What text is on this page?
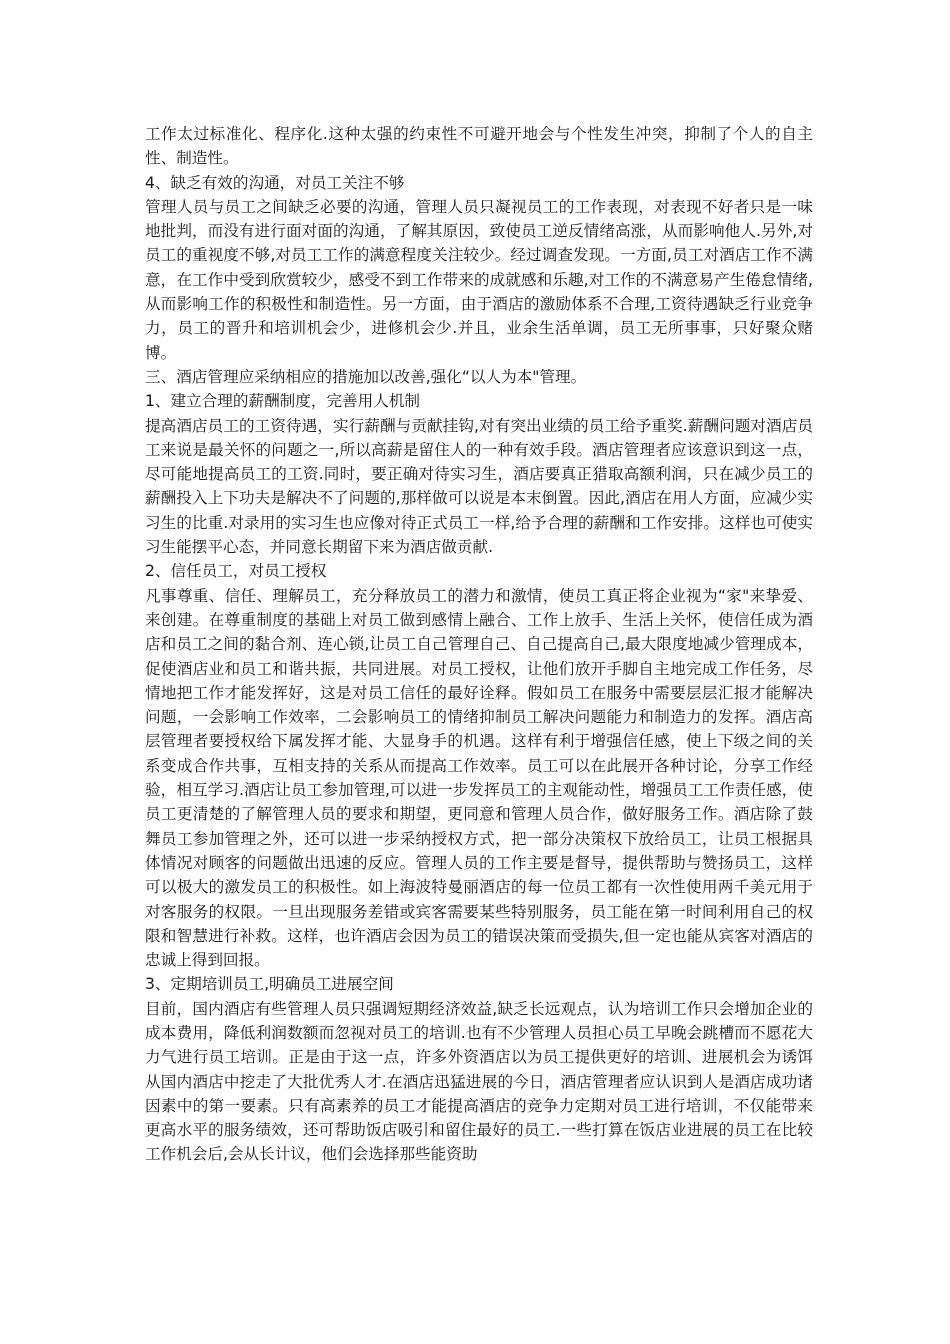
工作太过标准化、程序化.这种太强的约束性不可避开地会与个性发生冲突，抑制了个人的自主性、制造性。

4、缺乏有效的沟通，对员工关注不够

管理人员与员工之间缺乏必要的沟通，管理人员只凝视员工的工作表现，对表现不好者只是一味地批判，而没有进行面对面的沟通，了解其原因，致使员工逆反情绪高涨，从而影响他人.另外,对员工的重视度不够,对员工工作的满意程度关注较少。经过调查发现。一方面,员工对酒店工作不满意，在工作中受到欣赏较少，感受不到工作带来的成就感和乐趣,对工作的不满意易产生倦怠情绪,从而影响工作的积极性和制造性。另一方面，由于酒店的激励体系不合理,工资待遇缺乏行业竞争力，员工的晋升和培训机会少，进修机会少.并且，业余生活单调，员工无所事事，只好聚众赌博。

三、酒店管理应采纳相应的措施加以改善,强化“以人为本"管理。

1、建立合理的薪酬制度，完善用人机制

提高酒店员工的工资待遇，实行薪酬与贡献挂钩,对有突出业绩的员工给予重奖.薪酬问题对酒店员工来说是最关怀的问题之一,所以高薪是留住人的一种有效手段。酒店管理者应该意识到这一点，尽可能地提高员工的工资.同时，要正确对待实习生，酒店要真正猎取高额利润，只在减少员工的薪酬投入上下功夫是解决不了问题的,那样做可以说是本末倒置。因此,酒店在用人方面，应减少实习生的比重.对录用的实习生也应像对待正式员工一样,给予合理的薪酬和工作安排。这样也可使实习生能摆平心态，并同意长期留下来为酒店做贡献.

2、信任员工，对员工授权

凡事尊重、信任、理解员工，充分释放员工的潜力和激情，使员工真正将企业视为“家"来挚爱、来创建。在尊重制度的基础上对员工做到感情上融合、工作上放手、生活上关怀，使信任成为酒店和员工之间的黏合剂、连心锁,让员工自己管理自己、自己提高自己,最大限度地减少管理成本，促使酒店业和员工和谐共振，共同进展。对员工授权，让他们放开手脚自主地完成工作任务，尽情地把工作才能发挥好，这是对员工信任的最好诠释。假如员工在服务中需要层层汇报才能解决问题，一会影响工作效率，二会影响员工的情绪抑制员工解决问题能力和制造力的发挥。酒店高层管理者要授权给下属发挥才能、大显身手的机遇。这样有利于增强信任感，使上下级之间的关系变成合作共事，互相支持的关系从而提高工作效率。员工可以在此展开各种讨论，分享工作经验，相互学习.酒店让员工参加管理,可以进一步发挥员工的主观能动性，增强员工工作责任感，使员工更清楚的了解管理人员的要求和期望，更同意和管理人员合作，做好服务工作。酒店除了鼓舞员工参加管理之外，还可以进一步采纳授权方式，把一部分决策权下放给员工，让员工根据具体情况对顾客的问题做出迅速的反应。管理人员的工作主要是督导，提供帮助与赞扬员工，这样可以极大的激发员工的积极性。如上海波特曼丽酒店的每一位员工都有一次性使用两千美元用于对客服务的权限。一旦出现服务差错或宾客需要某些特别服务，员工能在第一时间利用自己的权限和智慧进行补救。这样，也许酒店会因为员工的错误决策而受损失,但一定也能从宾客对酒店的忠诚上得到回报。

3、定期培训员工,明确员工进展空间

目前，国内酒店有些管理人员只强调短期经济效益,缺乏长远观点，认为培训工作只会增加企业的成本费用，降低利润数额而忽视对员工的培训.也有不少管理人员担心员工早晚会跳槽而不愿花大力气进行员工培训。正是由于这一点，许多外资酒店以为员工提供更好的培训、进展机会为诱饵从国内酒店中挖走了大批优秀人才.在酒店迅猛进展的今日，酒店管理者应认识到人是酒店成功诸因素中的第一要素。只有高素养的员工才能提高酒店的竞争力定期对员工进行培训，不仅能带来更高水平的服务绩效，还可帮助饭店吸引和留住最好的员工.一些打算在饭店业进展的员工在比较工作机会后,会从长计议，他们会选择那些能资助
